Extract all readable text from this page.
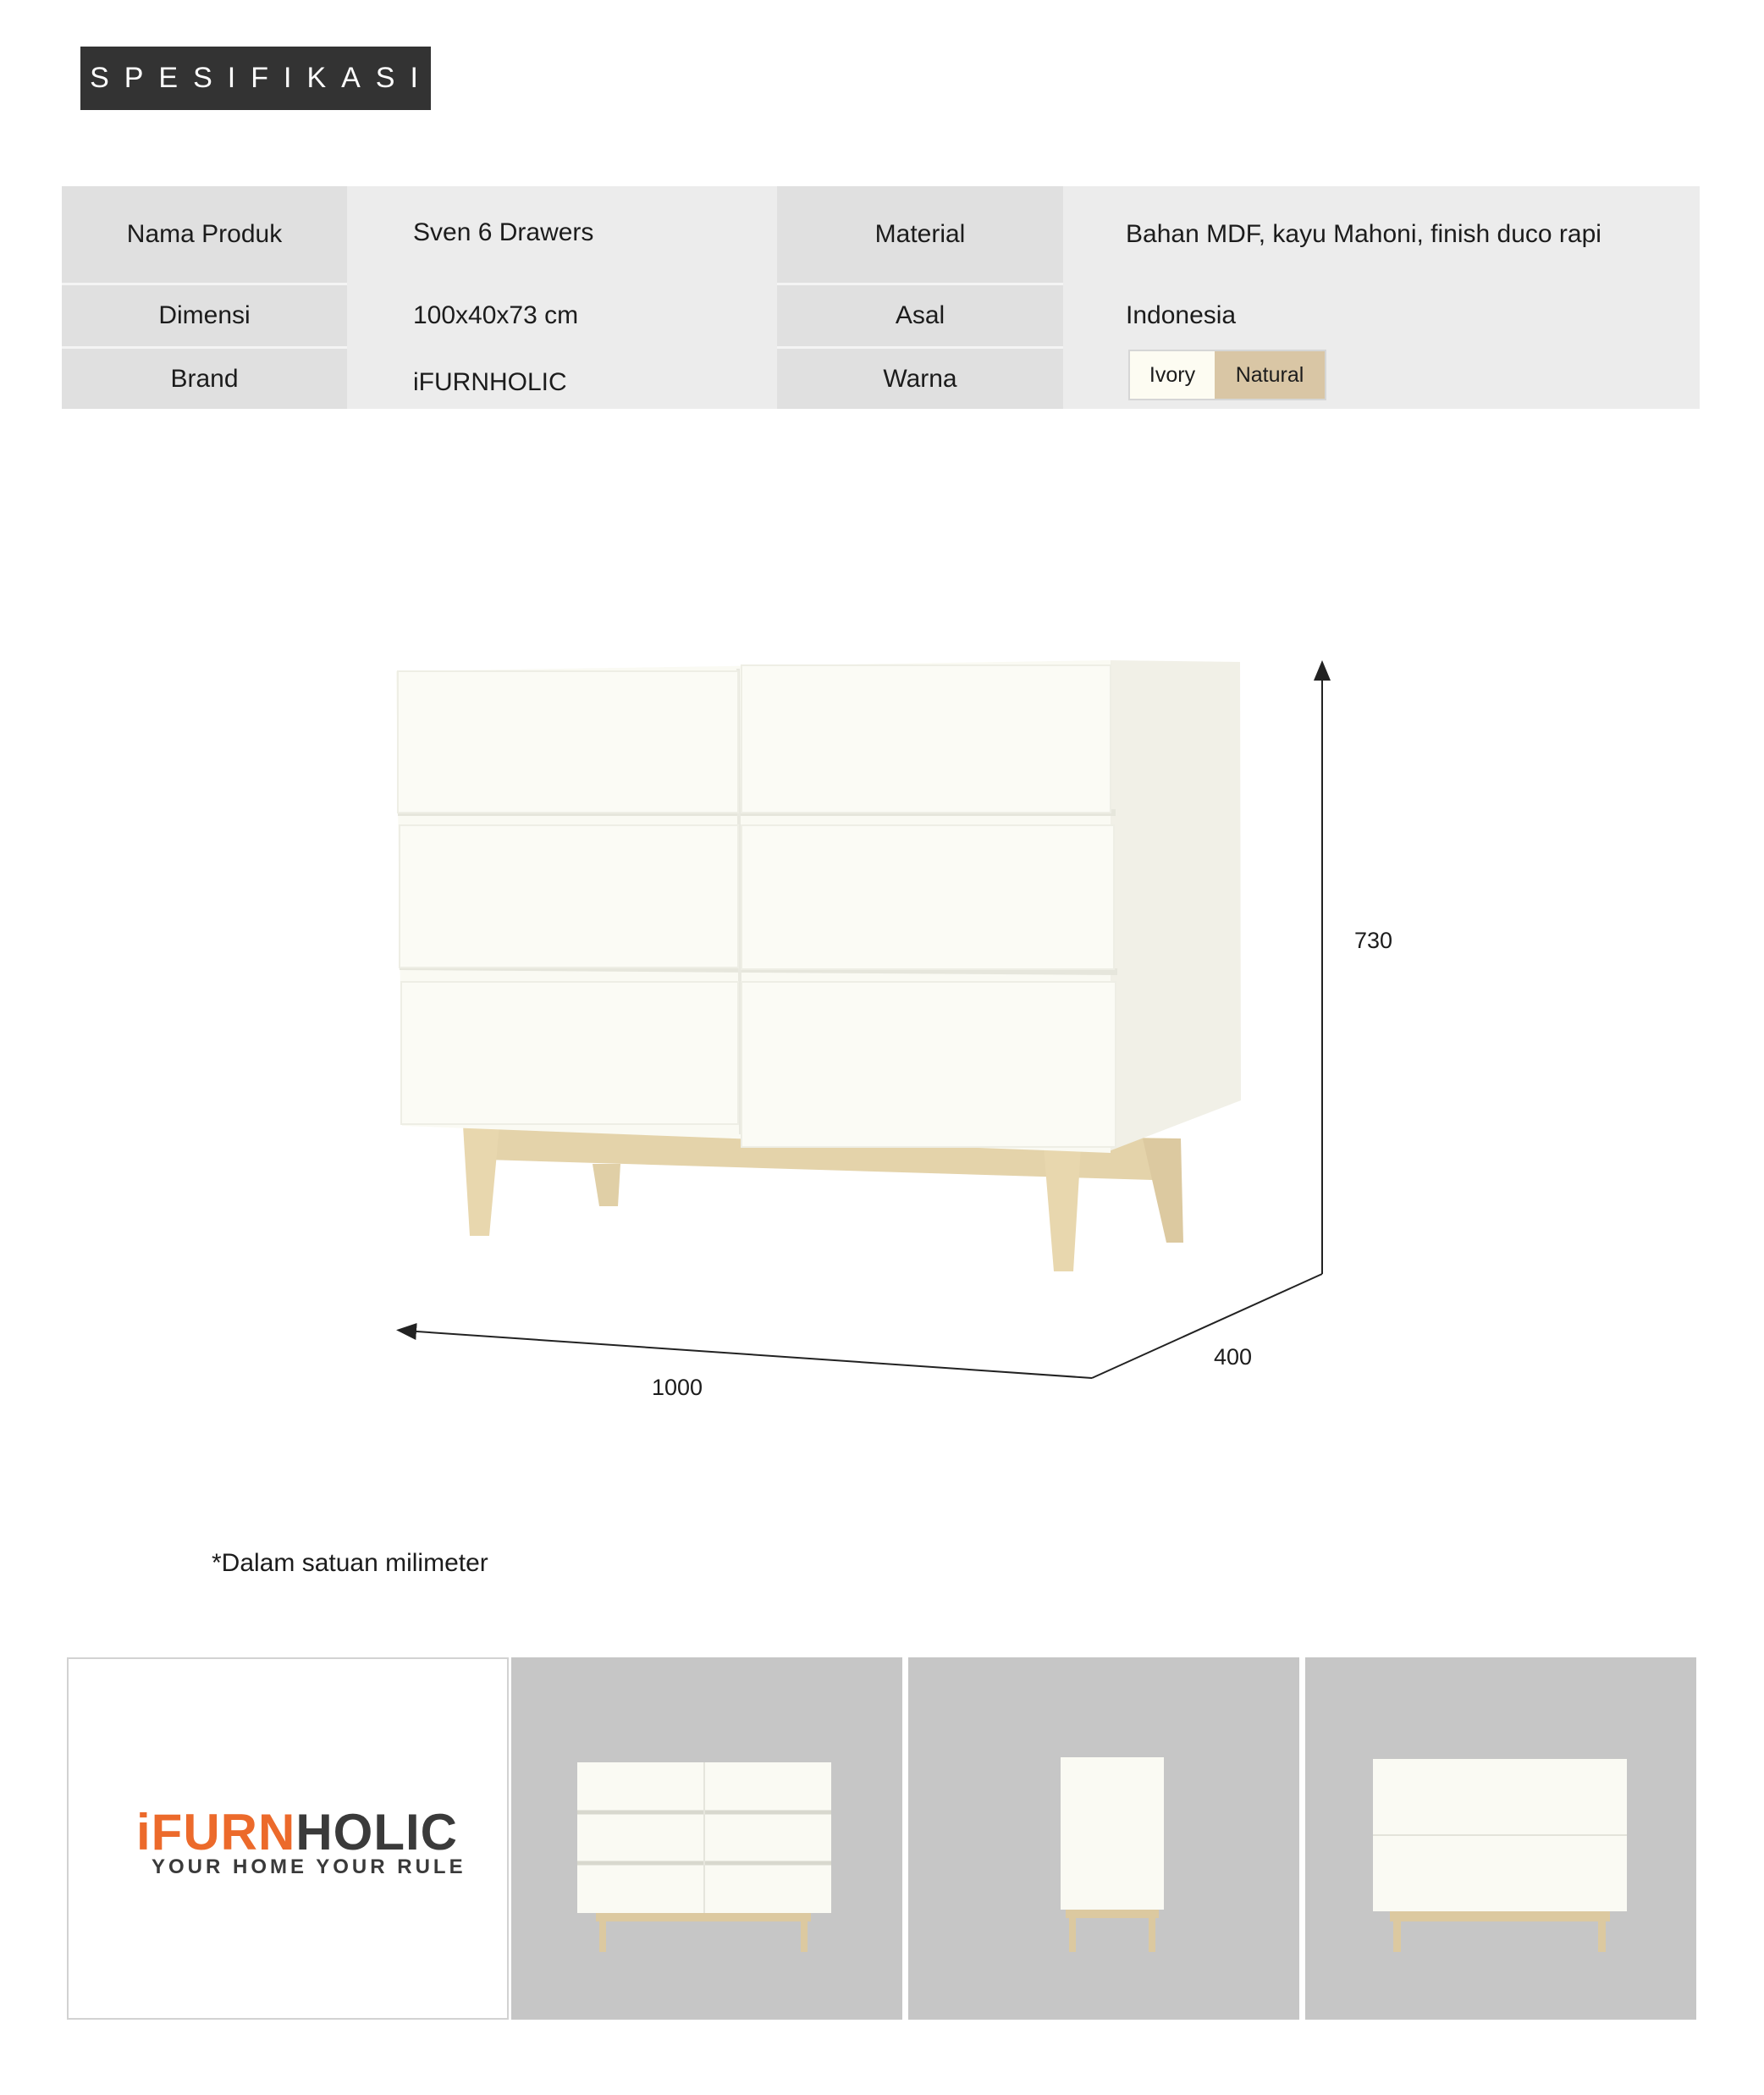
SPESIFIKASI
Nama Produk
Dimensi
Brand
Sven 6 Drawers
100x40x73 cm
iFURNHOLIC
Material
Asal
Warna
Bahan MDF, kayu Mahoni, finish duco rapi
Indonesia
Ivory	Natural
730
400
1000
*Dalam satuan milimeter
iFURNHOLIC
YOUR HOME YOUR RULE
